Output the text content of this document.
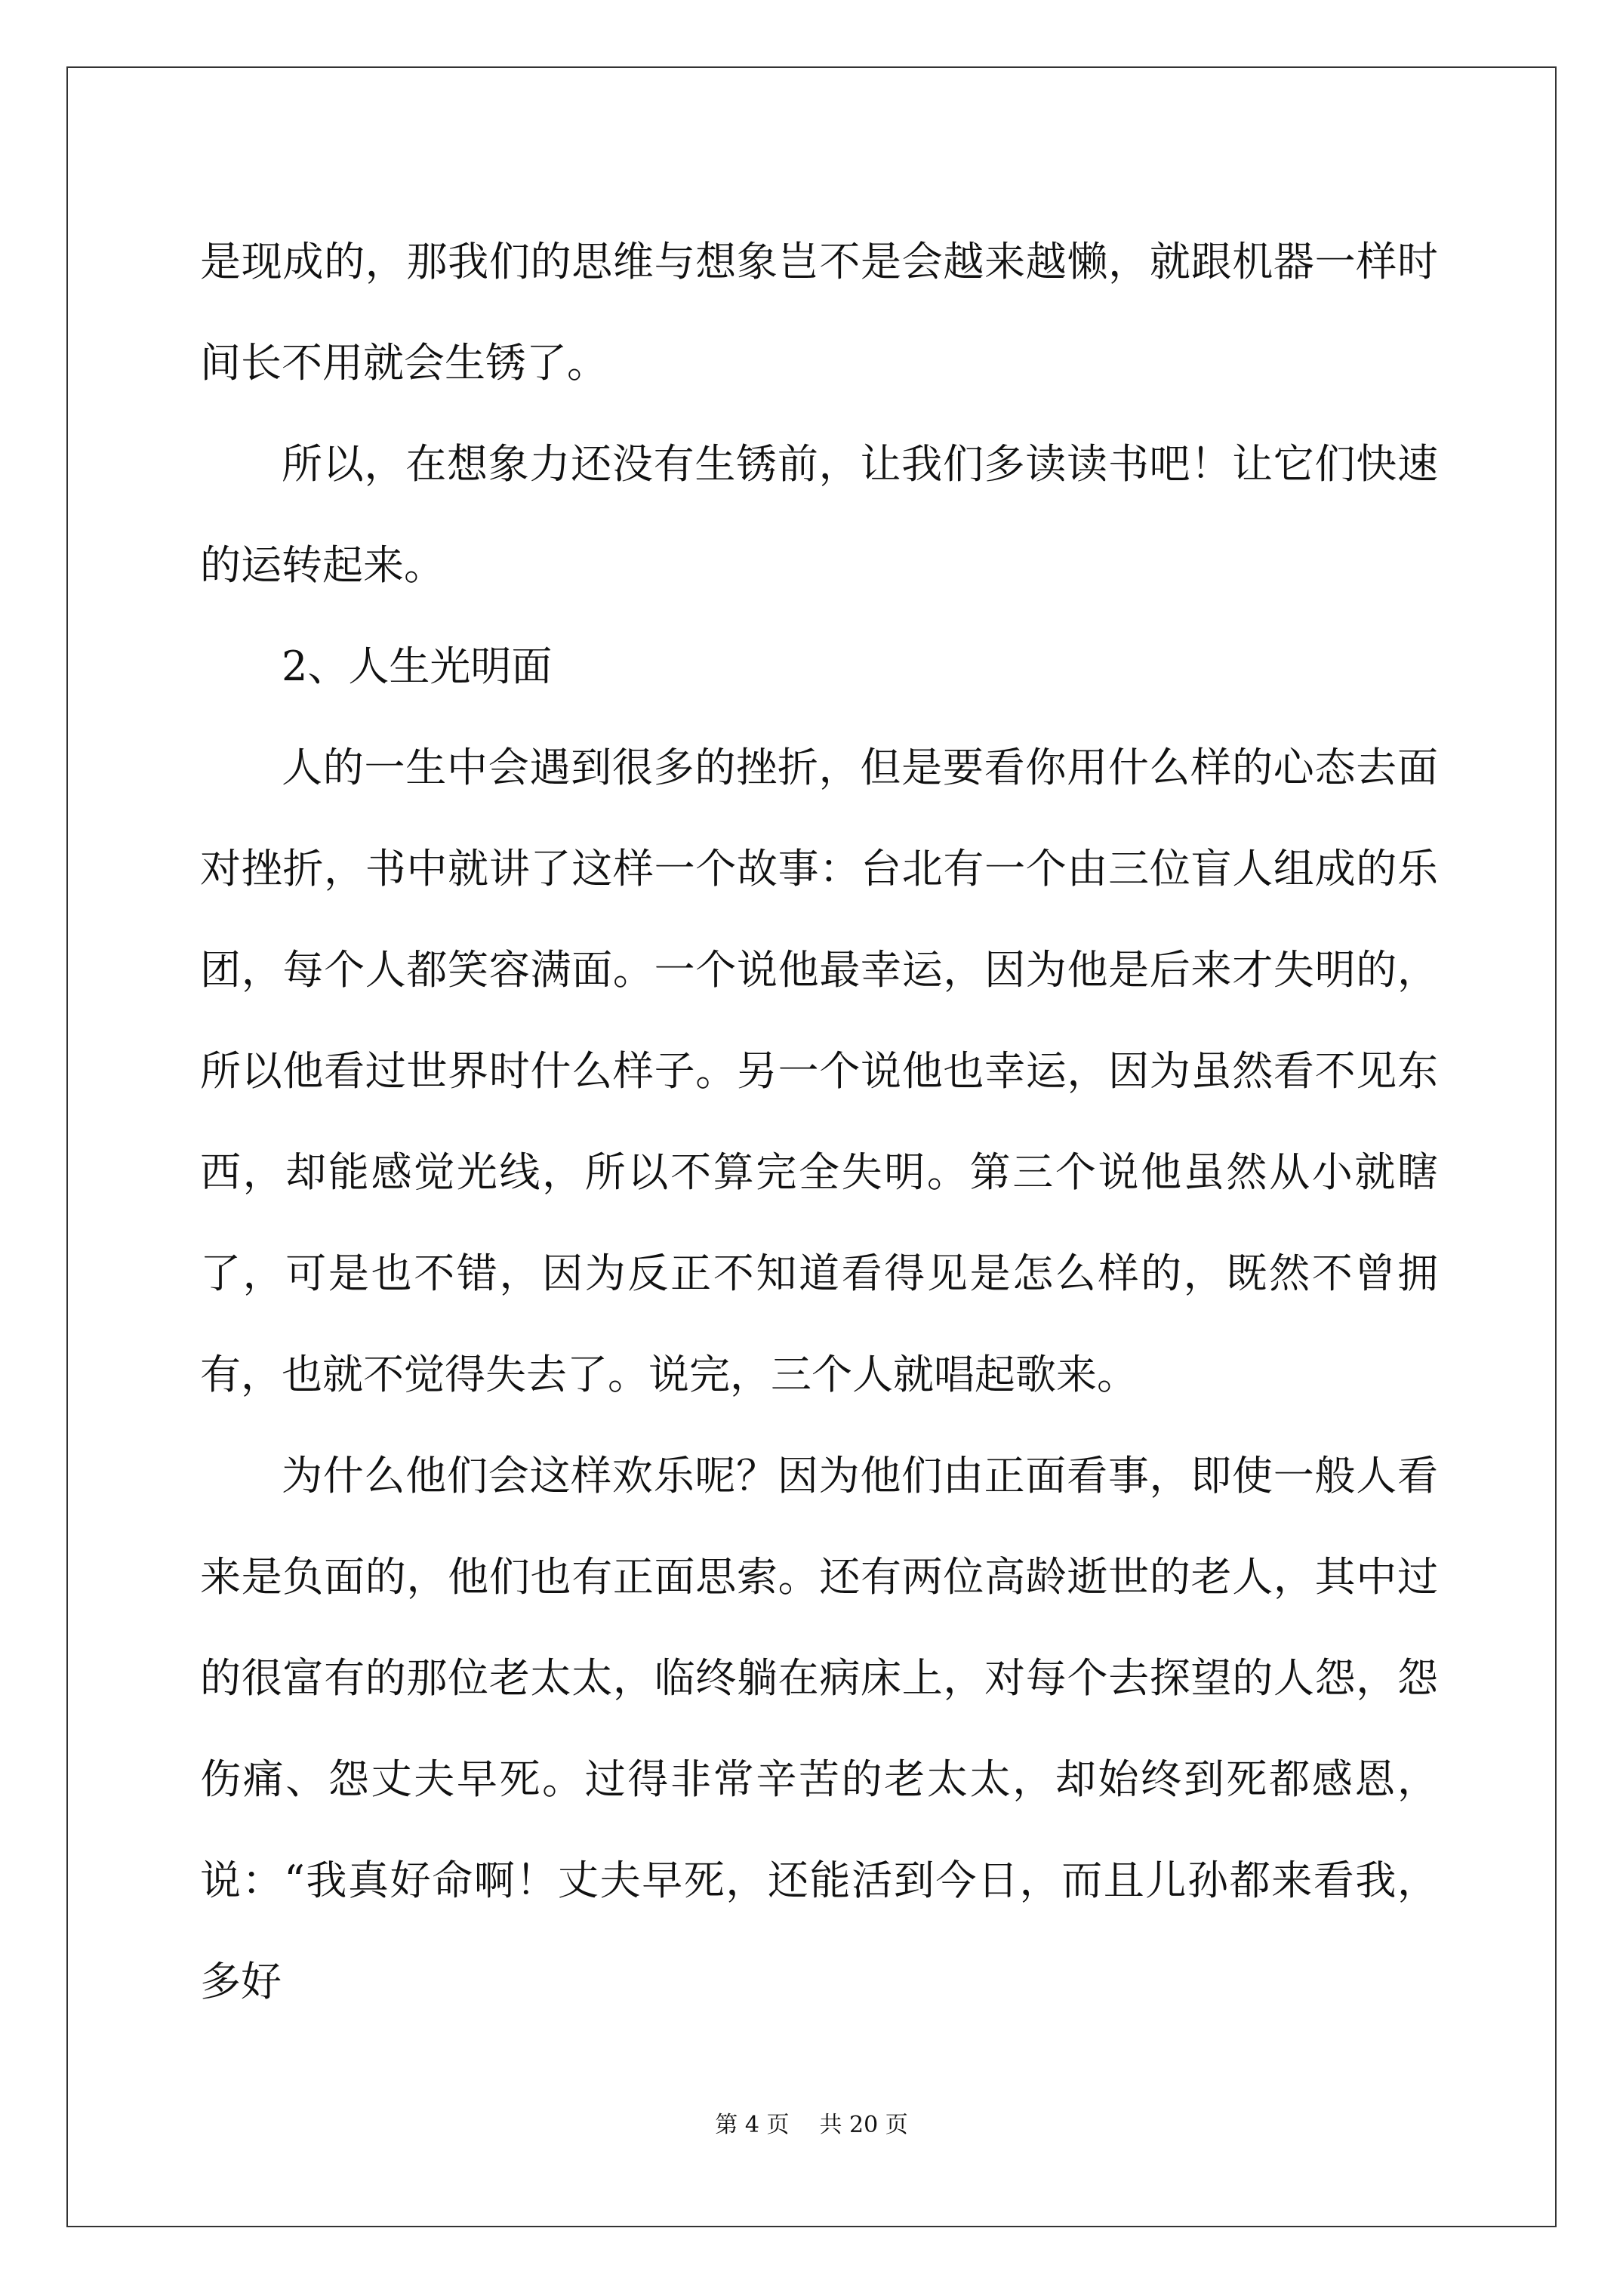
是现成的，那我们的思维与想象岂不是会越来越懒，就跟机器一样时间长不用就会生锈了。

所以，在想象力还没有生锈前，让我们多读读书吧！让它们快速的运转起来。

2、人生光明面

人的一生中会遇到很多的挫折，但是要看你用什么样的心态去面对挫折，书中就讲了这样一个故事：台北有一个由三位盲人组成的乐团，每个人都笑容满面。一个说他最幸运，因为他是后来才失明的，所以他看过世界时什么样子。另一个说他也幸运，因为虽然看不见东西，却能感觉光线，所以不算完全失明。第三个说他虽然从小就瞎了，可是也不错，因为反正不知道看得见是怎么样的，既然不曾拥有，也就不觉得失去了。说完，三个人就唱起歌来。

为什么他们会这样欢乐呢？因为他们由正面看事，即使一般人看来是负面的，他们也有正面思索。还有两位高龄逝世的老人，其中过的很富有的那位老太太，临终躺在病床上，对每个去探望的人怨，怨伤痛、怨丈夫早死。过得非常辛苦的老太太，却始终到死都感恩，说：“我真好命啊！丈夫早死，还能活到今日，而且儿孙都来看我，多好

第 4 页 共 20 页
